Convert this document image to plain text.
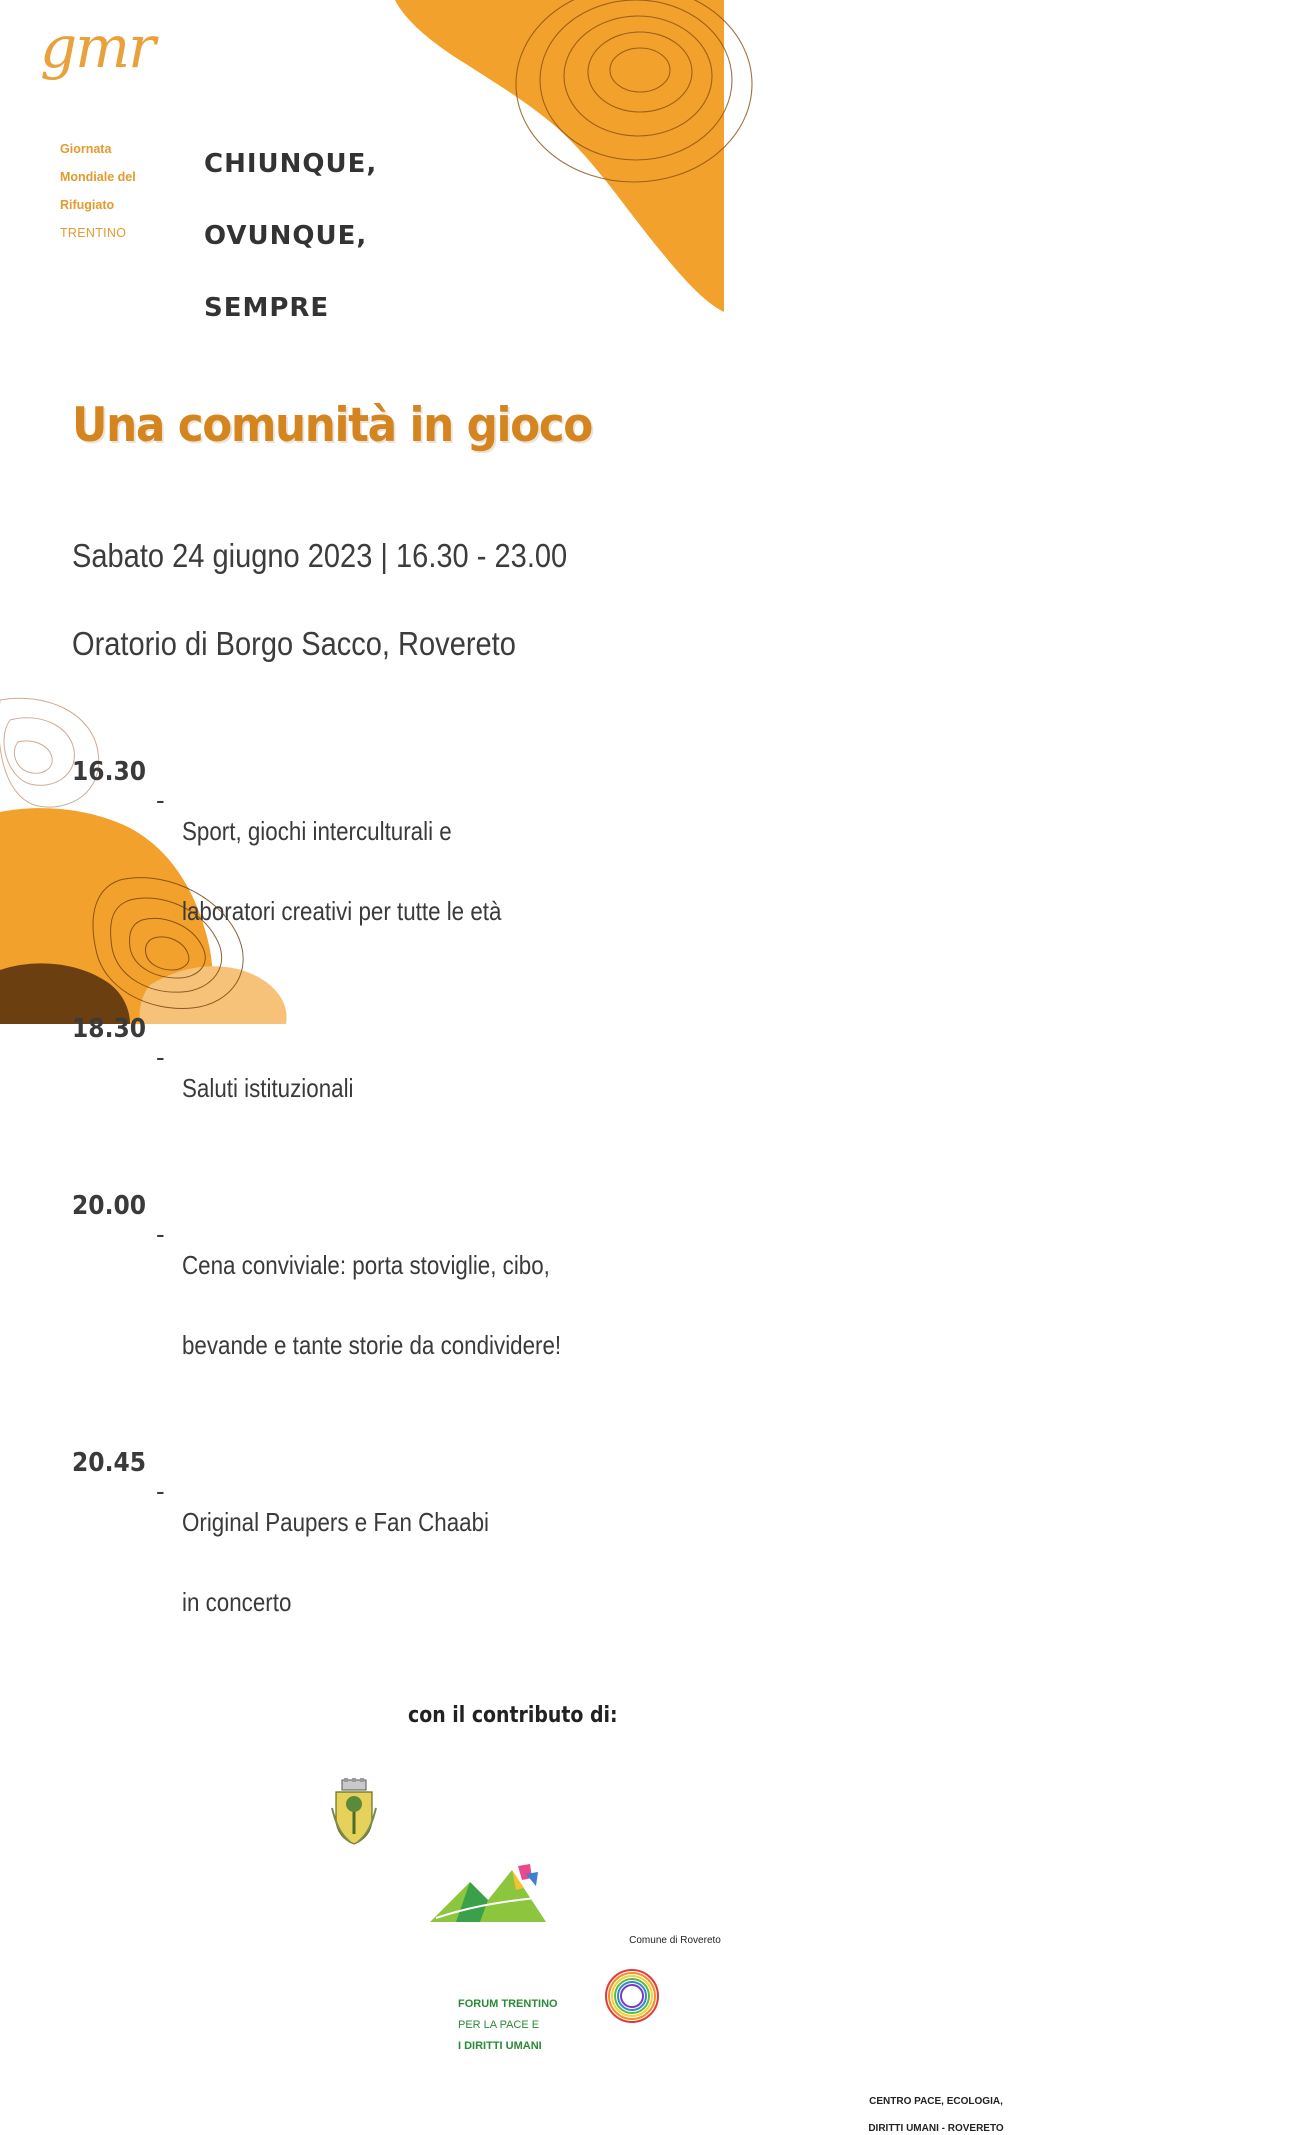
gmr
Giornata
Mondiale del
Rifugiato
TRENTINO
CHIUNQUE,
OVUNQUE,
SEMPRE
Una comunità in gioco
Sabato 24 giugno 2023 | 16.30 - 23.00
Oratorio di Borgo Sacco, Rovereto
16.30
-
Sport, giochi interculturali e
laboratori creativi per tutte le età
18.30
-
Saluti istituzionali
20.00
-
Cena conviviale: porta stoviglie, cibo,
bevande e tante storie da condividere!
20.45
-
Original Paupers e Fan Chaabi
in concerto
con il contributo di:
Comune di Rovereto
FORUM TRENTINO
PER LA PACE E
I DIRITTI UMANI
CENTRO PACE, ECOLOGIA,
DIRITTI UMANI - ROVERETO
